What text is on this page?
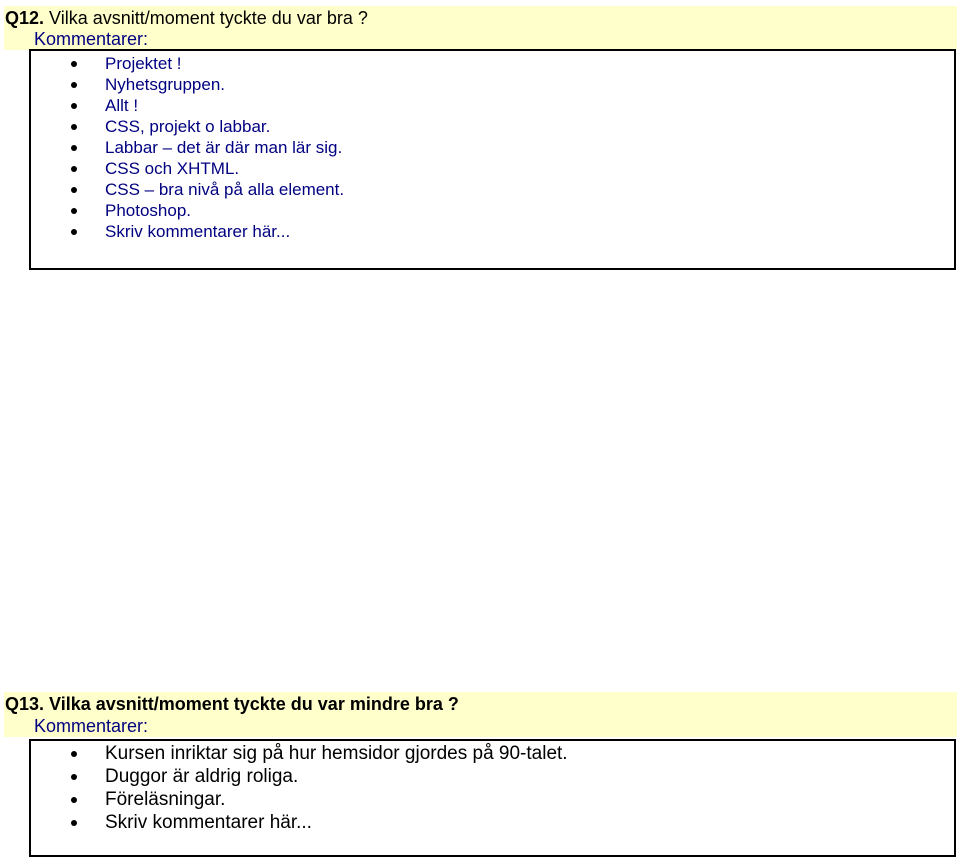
Q12. Vilka avsnitt/moment tyckte du var bra ?
Kommentarer:
Projektet !
Nyhetsgruppen.
Allt !
CSS, projekt o labbar.
Labbar – det är där man lär sig.
CSS och XHTML.
CSS – bra nivå på alla element.
Photoshop.
Skriv kommentarer här...
Q13. Vilka avsnitt/moment tyckte du var mindre bra ?
Kommentarer:
Kursen inriktar sig på hur hemsidor gjordes på 90-talet.
Duggor är aldrig roliga.
Föreläsningar.
Skriv kommentarer här...
